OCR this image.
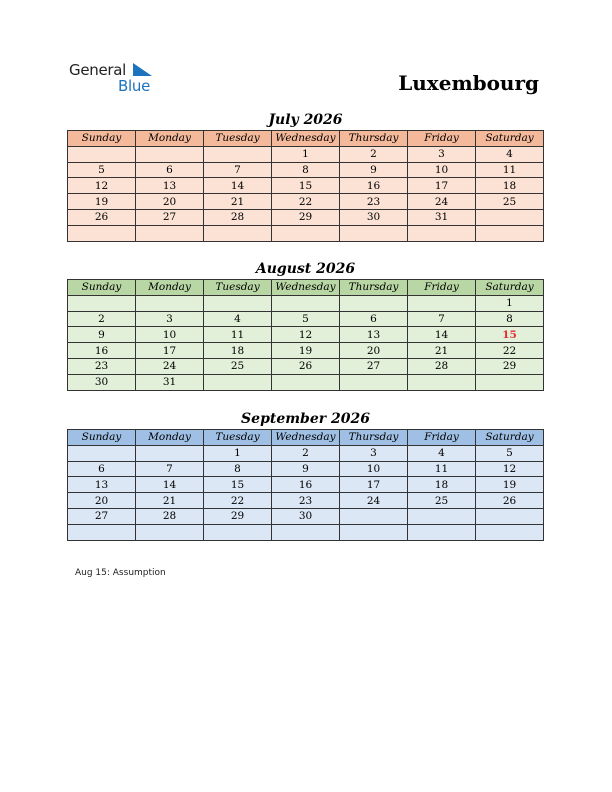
General
Blue	Luxembourg
July 2026
Sunday	Monday	Tuesday	Wednesday	Thursday	Friday	Saturday
			1	2	3	4
5	6	7	8	9	10	11
12	13	14	15	16	17	18
19	20	21	22	23	24	25
26	27	28	29	30	31	

August 2026
Sunday	Monday	Tuesday	Wednesday	Thursday	Friday	Saturday
						1
2	3	4	5	6	7	8
9	10	11	12	13	14	15
16	17	18	19	20	21	22
23	24	25	26	27	28	29
30	31					
September 2026
Sunday	Monday	Tuesday	Wednesday	Thursday	Friday	Saturday
		1	2	3	4	5
6	7	8	9	10	11	12
13	14	15	16	17	18	19
20	21	22	23	24	25	26
27	28	29	30			

Aug 15: Assumption
